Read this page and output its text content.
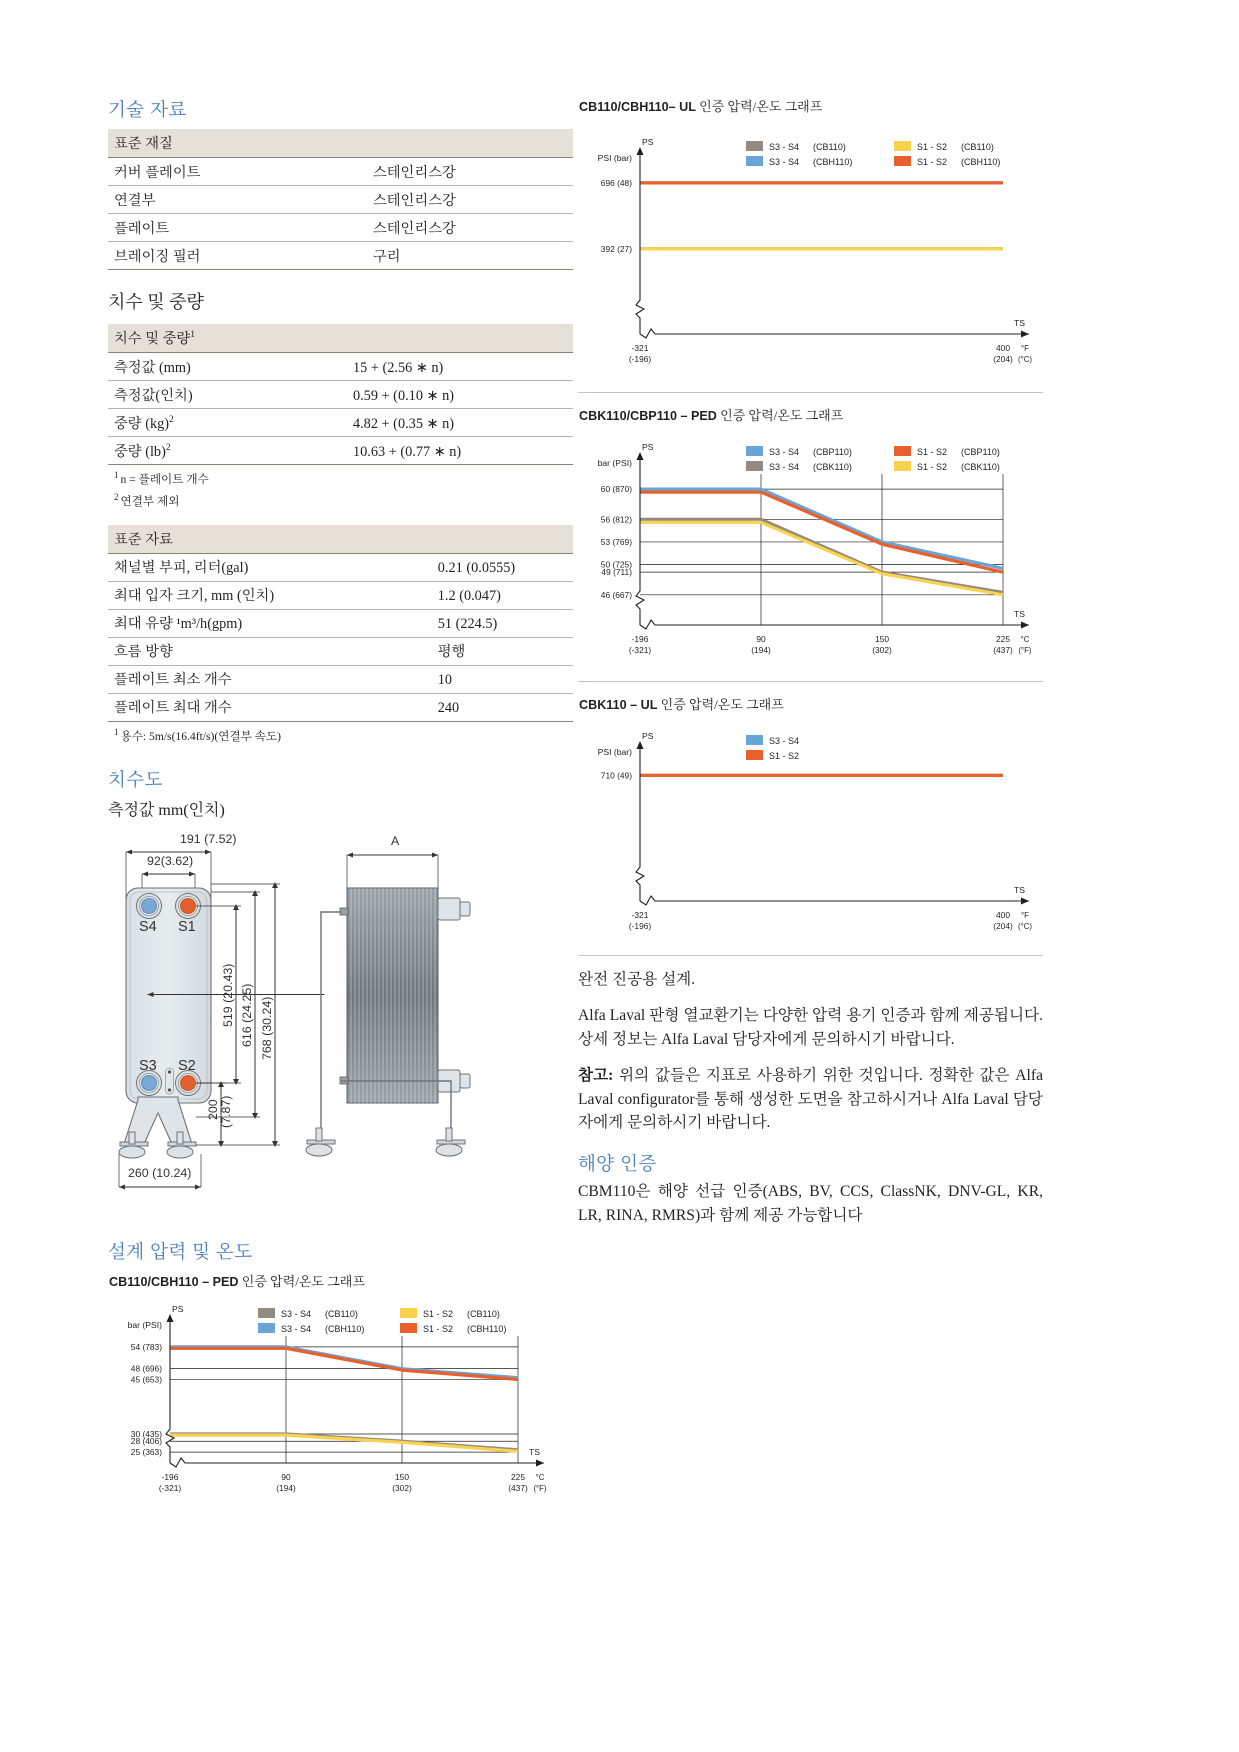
기술 자료
표준 재질	
커버 플레이트	스테인리스강
연결부	스테인리스강
플레이트	스테인리스강
브레이징 필러	구리
치수 및 중량
치수 및 중량$^1$
측정값 (mm)	15 + (2.56 ∗ n)
측정값(인치)	0.59 + (0.10 ∗ n)
중량 (kg)$^2$	4.82 + (0.35 ∗ n)
중량 (lb)$^2$	10.63 + (0.77 ∗ n)
$^1$ n = 플레이트 개수
$^2$ 연결부 제외
표준 자료	
채널별 부피, 리터(gal)	0.21 (0.0555)
최대 입자 크기, mm (인치)	1.2 (0.047)
최대 유량 ¹m³/h(gpm)	51 (224.5)
흐름 방향	평행
플레이트 최소 개수	10
플레이트 최대 개수	240
$^1$ 용수: 5m/s(16.4ft/s)(연결부 속도)
치수도
측정값 mm(인치)
191 (7.52)
92(3.62)
S4 S1
S3 S2
519 (20.43) 616 (24.25) 768 (30.24)
200 (7.87)
260 (10.24)
A
설계 압력 및 온도
CB110/CBH110 – PED 인증 압력/온도 그래프
S3 - S4 (CB110)
S3 - S4 (CBH110)
S1 - S2 (CB110)
S1 - S2 (CBH110)
PS
bar (PSI)
54 (783)
48 (696)
45 (653)
30 (435)
28 (406)
25 (363)
-196
(-321)
90
(194)
150
(302)
225
(437)
TS
°C
(°F)
CB110/CBH110– UL 인증 압력/온도 그래프
S3 - S4 (CB110)
S3 - S4 (CBH110)
S1 - S2 (CB110)
S1 - S2 (CBH110)
PS
PSI (bar)
696 (48)
392 (27)
-321
(-196)
400
(204)
TS
°F
(°C)
CBK110/CBP110 – PED 인증 압력/온도 그래프
S3 - S4 (CBP110)
S3 - S4 (CBK110)
S1 - S2 (CBP110)
S1 - S2 (CBK110)
PS
bar (PSI)
60 (870)
56 (812)
53 (769)
50 (725)
49 (711)
46 (667)
-196
(-321)
90
(194)
150
(302)
225
(437)
TS
°C
(°F)
CBK110 – UL 인증 압력/온도 그래프
S3 - S4
S1 - S2
PS
PSI (bar)
710 (49)
-321
(-196)
400
(204)
TS
°F
(°C)

완전 진공용 설계.

Alfa Laval 판형 열교환기는 다양한 압력 용기 인증과 함께 제공됩니다. 상세 정보는 Alfa Laval 담당자에게 문의하시기 바랍니다.

참고: 위의 값들은 지표로 사용하기 위한 것입니다. 정확한 값은 Alfa Laval configurator를 통해 생성한 도면을 참고하시거나 Alfa Laval 담당자에게 문의하시기 바랍니다.

해양 인증

CBM110은 해양 선급 인증(ABS, BV, CCS, ClassNK, DNV-GL, KR, LR, RINA, RMRS)과 함께 제공 가능합니다
